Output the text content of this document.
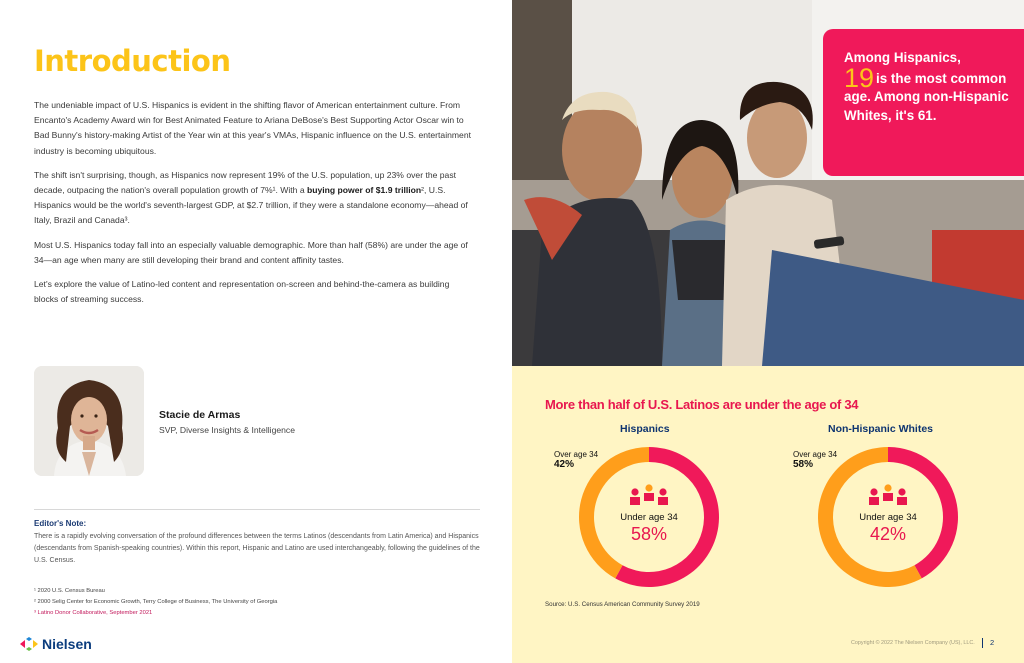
Introduction

The undeniable impact of U.S. Hispanics is evident in the shifting flavor of American entertainment culture. From Encanto's Academy Award win for Best Animated Feature to Ariana DeBose's Best Supporting Actor Oscar win to Bad Bunny's history-making Artist of the Year win at this year's VMAs, Hispanic influence on the U.S. entertainment industry is becoming ubiquitous.

The shift isn't surprising, though, as Hispanics now represent 19% of the U.S. population, up 23% over the past decade, outpacing the nation's overall population growth of 7%¹. With a buying power of $1.9 trillion², U.S. Hispanics would be the world's seventh-largest GDP, at $2.7 trillion, if they were a standalone economy—ahead of Italy, Brazil and Canada³.

Most U.S. Hispanics today fall into an especially valuable demographic. More than half (58%) are under the age of 34—an age when many are still developing their brand and content affinity tastes.

Let's explore the value of Latino-led content and representation on-screen and behind-the-camera as building blocks of streaming success.

Stacie de Armas
SVP, Diverse Insights & Intelligence
Editor's Note:
There is a rapidly evolving conversation of the profound differences between the terms Latinos (descendants from Latin America) and Hispanics (descendants from Spanish-speaking countries). Within this report, Hispanic and Latino are used interchangeably, following the guidelines of the U.S. Census.
¹ 2020 U.S. Census Bureau
² 2000 Selig Center for Economic Growth, Terry College of Business, The University of Georgia
³ Latino Donor Collaborative, September 2021
Nielsen
Among Hispanics,
19 is the most common age. Among non-Hispanic Whites, it's 61.
More than half of U.S. Latinos are under the age of 34
Hispanics	Non-Hispanic Whites
Over age 34
42%
Over age 34
58%
Under age 34
58%
Under age 34
42%
Source: U.S. Census American Community Survey 2019
Copyright © 2022 The Nielsen Company (US), LLC. 2
